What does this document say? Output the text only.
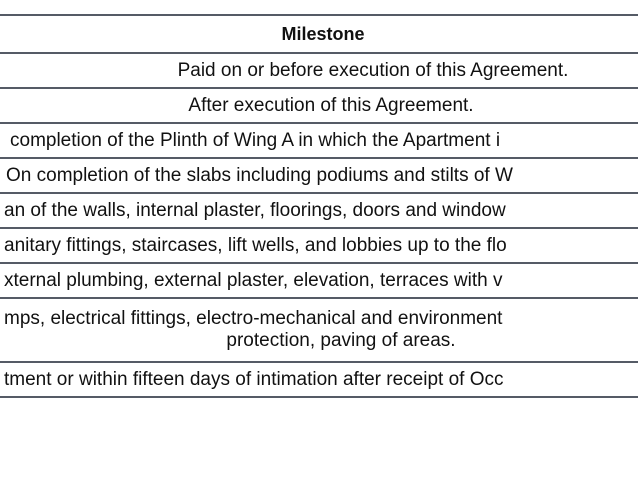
Milestone
Paid on or before execution of this Agreement.
After execution of this Agreement.
completion of the Plinth of Wing A in which the Apartment i
On completion of the slabs including podiums and stilts of W
an of the walls, internal plaster, floorings, doors and window
anitary fittings, staircases, lift wells, and lobbies up to the flo
xternal plumbing, external plaster, elevation, terraces with v

mps, electrical fittings, electro-mechanical and environment
protection, paving of areas.

tment or within fifteen days of intimation after receipt of Occ
